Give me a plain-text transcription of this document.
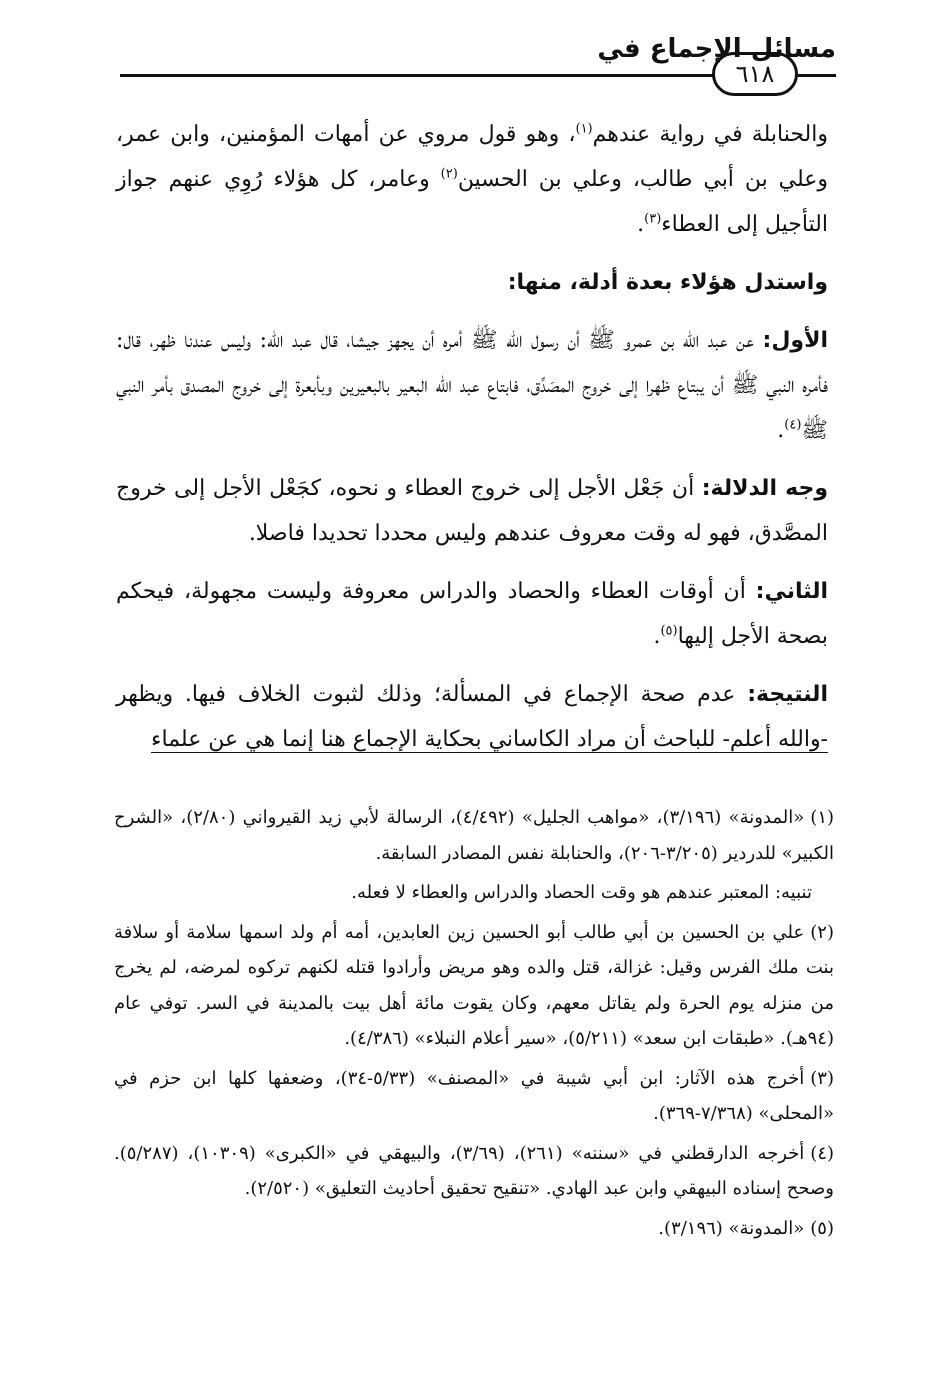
٦١٨
مسائل الإجماع في

والحنابلة في رواية عندهم$^{(١)}$، وهو قول مروي عن أمهات المؤمنين، وابن عمر، وعلي بن أبي طالب، وعلي بن الحسين$^{(٢)}$ وعامر، كل هؤلاء رُوِي عنهم جواز التأجيل إلى العطاء$^{(٣)}$.

واستدل هؤلاء بعدة أدلة، منها:

الأول: عن عبد الله بن عمرو ﷺ أن رسول الله ﷺ أمره أن يجهز جيشا، قال عبد الله: وليس عندنا ظهر، قال: فأمره النبي ﷺ أن يبتاع ظهرا إلى خروج المصَدِّق، فابتاع عبد الله البعير بالبعيرين وبأبعرة إلى خروج المصدق بأمر النبي ﷺ$^{(٤)}$.

وجه الدلالة: أن جَعْل الأجل إلى خروج العطاء و نحوه، كجَعْل الأجل إلى خروج المصَّدق، فهو له وقت معروف عندهم وليس محددا تحديدا فاصلا.

الثاني: أن أوقات العطاء والحصاد والدراس معروفة وليست مجهولة، فيحكم بصحة الأجل إليها$^{(٥)}$.

النتيجة: عدم صحة الإجماع في المسألة؛ وذلك لثبوت الخلاف فيها. ويظهر -والله أعلم- للباحث أن مراد الكاساني بحكاية الإجماع هنا إنما هي عن علماء

(١)«المدونة» (٣/١٩٦)، «مواهب الجليل» (٤/٤٩٢)، الرسالة لأبي زيد القيرواني (٢/٨٠)، «الشرح الكبير» للدردير (٣/٢٠٥-٢٠٦)، والحنابلة نفس المصادر السابقة.

تنبيه: المعتبر عندهم هو وقت الحصاد والدراس والعطاء لا فعله.

(٢)علي بن الحسين بن أبي طالب أبو الحسين زين العابدين، أمه أم ولد اسمها سلامة أو سلافة بنت ملك الفرس وقيل: غزالة، قتل والده وهو مريض وأرادوا قتله لكنهم تركوه لمرضه، لم يخرج من منزله يوم الحرة ولم يقاتل معهم، وكان يقوت مائة أهل بيت بالمدينة في السر. توفي عام (٩٤هـ). «طبقات ابن سعد» (٥/٢١١)، «سير أعلام النبلاء» (٤/٣٨٦).

(٣)أخرج هذه الآثار: ابن أبي شيبة في «المصنف» (٥/٣٣-٣٤)، وضعفها كلها ابن حزم في «المحلى» (٧/٣٦٨-٣٦٩).

(٤)أخرجه الدارقطني في «سننه» (٢٦١)، (٣/٦٩)، والبيهقي في «الكبرى» (١٠٣٠٩)، (٥/٢٨٧). وصحح إسناده البيهقي وابن عبد الهادي. «تنقيح تحقيق أحاديث التعليق» (٢/٥٢٠).

(٥)«المدونة» (٣/١٩٦).
